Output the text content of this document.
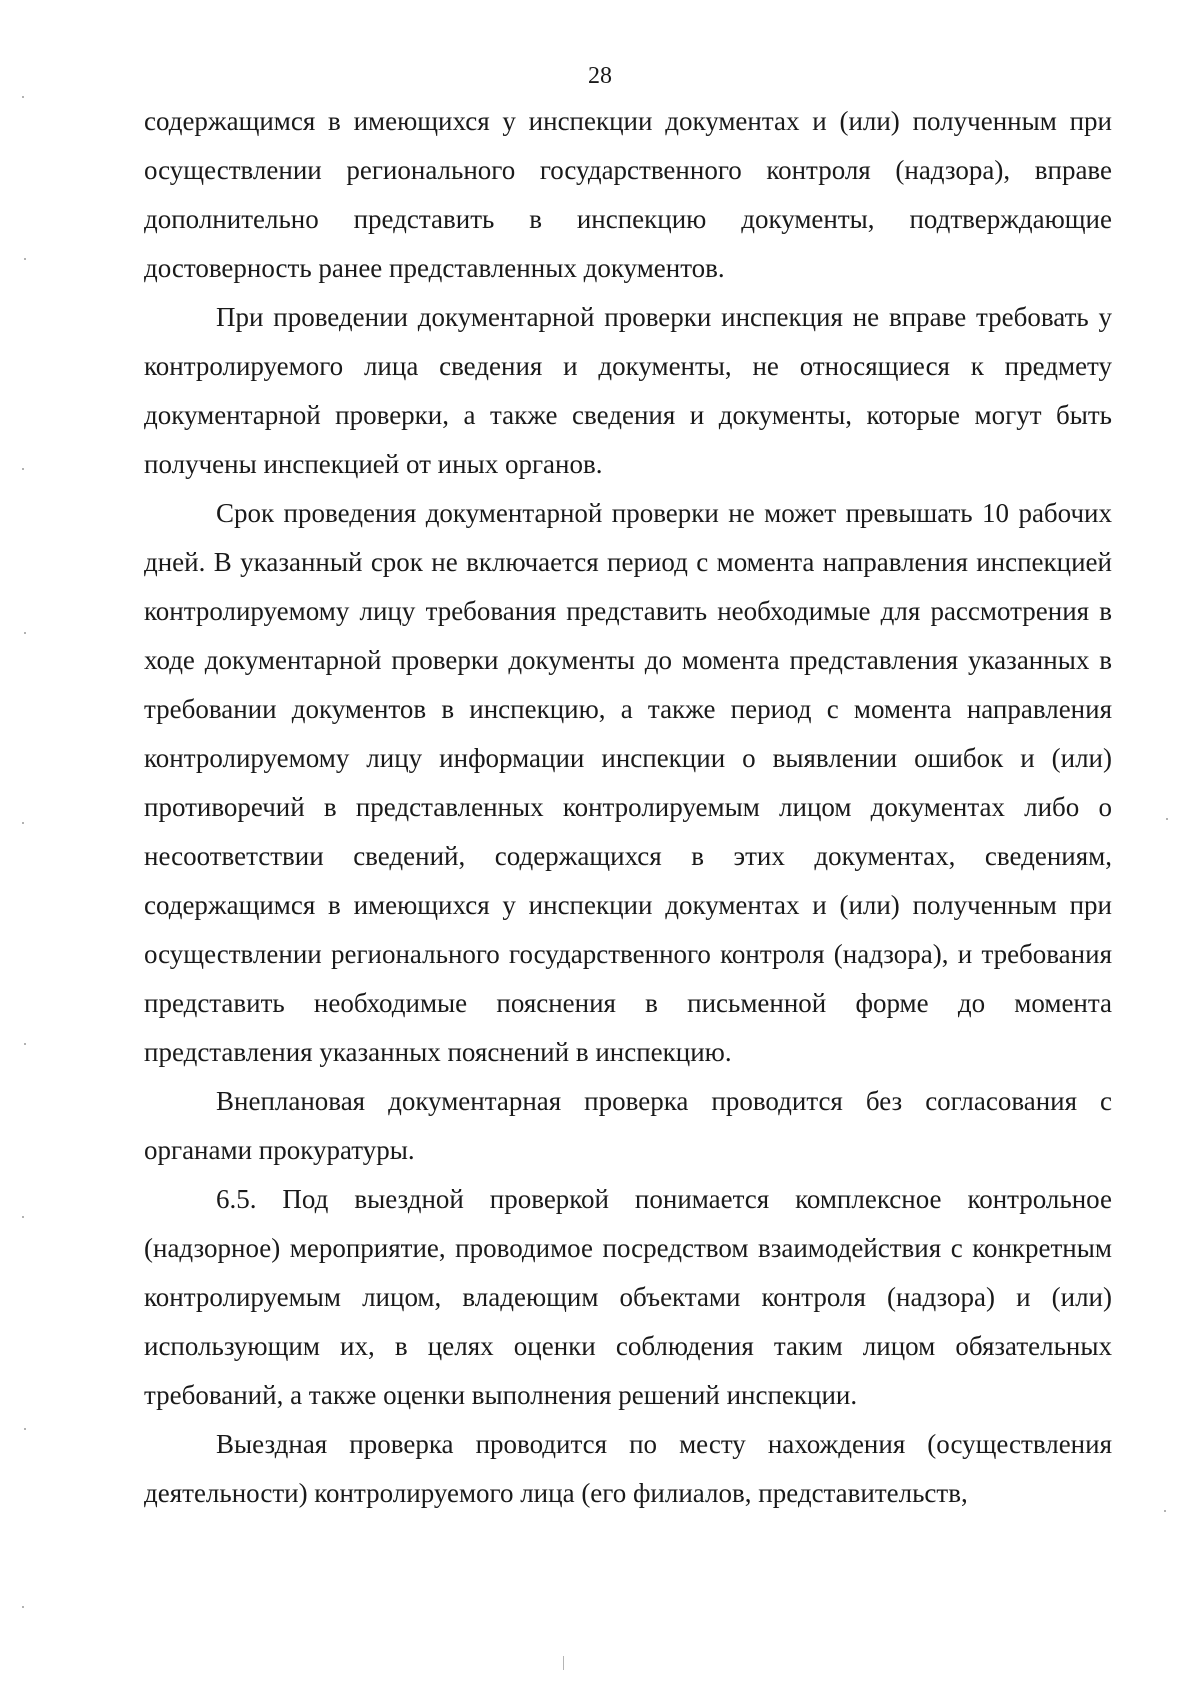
28

содержащимся в имеющихся у инспекции документах и (или) полученным при осуществлении регионального государственного контроля (надзора), вправе дополнительно представить в инспекцию документы, подтверждающие достоверность ранее представленных документов.

При проведении документарной проверки инспекция не вправе требовать у контролируемого лица сведения и документы, не относящиеся к предмету документарной проверки, а также сведения и документы, которые могут быть получены инспекцией от иных органов.

Срок проведения документарной проверки не может превышать 10 рабочих дней. В указанный срок не включается период с момента направления инспекцией контролируемому лицу требования представить необходимые для рассмотрения в ходе документарной проверки документы до момента представления указанных в требовании документов в инспекцию, а также период с момента направления контролируемому лицу информации инспекции о выявлении ошибок и (или) противоречий в представленных контролируемым лицом документах либо о несоответствии сведений, содержащихся в этих документах, сведениям, содержащимся в имеющихся у инспекции документах и (или) полученным при осуществлении регионального государственного контроля (надзора), и требования представить необходимые пояснения в письменной форме до момента представления указанных пояснений в инспекцию.

Внеплановая документарная проверка проводится без согласования с органами прокуратуры.

6.5. Под выездной проверкой понимается комплексное контрольное (надзорное) мероприятие, проводимое посредством взаимодействия с конкретным контролируемым лицом, владеющим объектами контроля (надзора) и (или) использующим их, в целях оценки соблюдения таким лицом обязательных требований, а также оценки выполнения решений инспекции.

Выездная проверка проводится по месту нахождения (осуществления деятельности) контролируемого лица (его филиалов, представительств,
